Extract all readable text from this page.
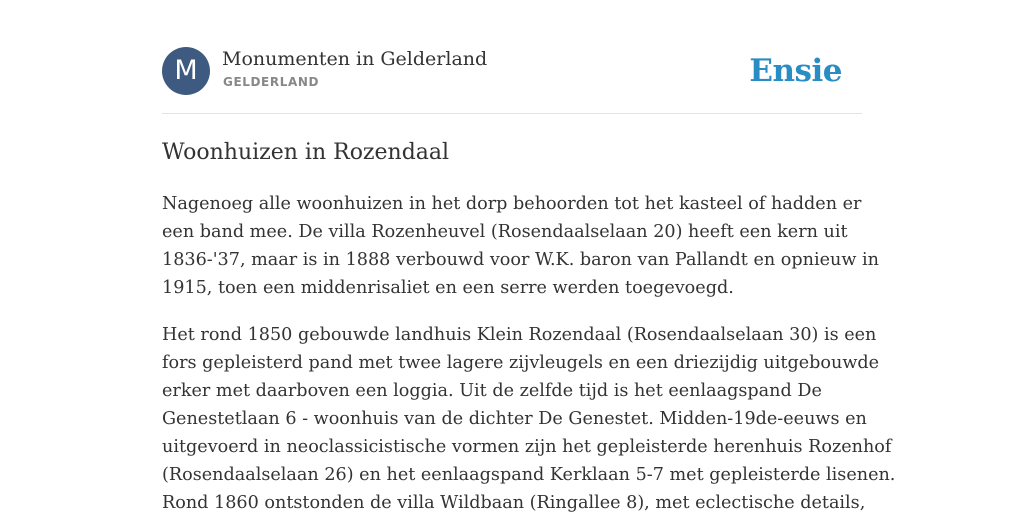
M	Monumenten in Gelderland
GELDERLAND	Ensie
Woonhuizen in Rozendaal

Nagenoeg alle woonhuizen in het dorp behoorden tot het kasteel of hadden er
een band mee. De villa Rozenheuvel (Rosendaalselaan 20) heeft een kern uit
1836-'37, maar is in 1888 verbouwd voor W.K. baron van Pallandt en opnieuw in
1915, toen een middenrisaliet en een serre werden toegevoegd.

Het rond 1850 gebouwde landhuis Klein Rozendaal (Rosendaalselaan 30) is een
fors gepleisterd pand met twee lagere zijvleugels en een driezijdig uitgebouwde
erker met daarboven een loggia. Uit de zelfde tijd is het eenlaagspand De
Genestetlaan 6 - woonhuis van de dichter De Genestet. Midden-19de-eeuws en
uitgevoerd in neoclassicistische vormen zijn het gepleisterde herenhuis Rozenhof
(Rosendaalselaan 26) en het eenlaagspand Kerklaan 5-7 met gepleisterde lisenen.
Rond 1860 ontstonden de villa Wildbaan (Ringallee 8), met eclectische details,
